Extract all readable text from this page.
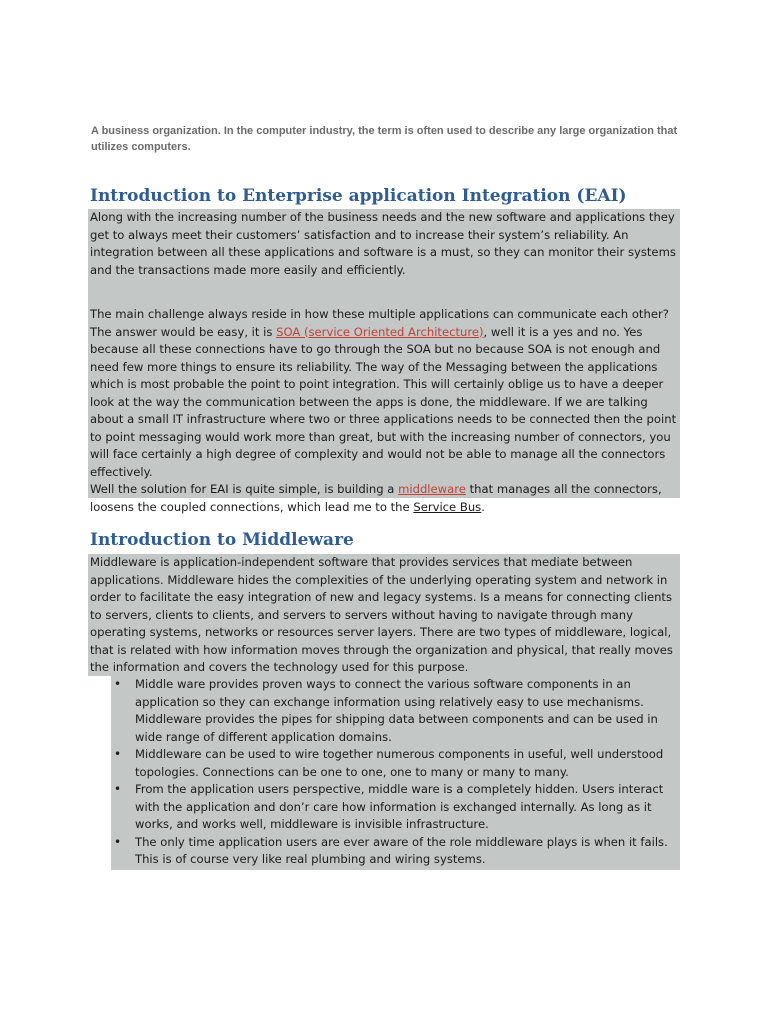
A business organization. In the computer industry, the term is often used to describe any large organization that utilizes computers.
Introduction to Enterprise application Integration (EAI)

Along with the increasing number of the business needs and the new software and applications they get to always meet their customers’ satisfaction and to increase their system’s reliability. An integration between all these applications and software is a must, so they can monitor their systems and the transactions made more easily and efficiently.

The main challenge always reside in how these multiple applications can communicate each other? The answer would be easy, it is SOA (service Oriented Architecture), well it is a yes and no. Yes because all these connections have to go through the SOA but no because SOA is not enough and need few more things to ensure its reliability. The way of the Messaging between the applications which is most probable the point to point integration. This will certainly oblige us to have a deeper look at the way the communication between the apps is done, the middleware. If we are talking about a small IT infrastructure where two or three applications needs to be connected then the point to point messaging would work more than great, but with the increasing number of connectors, you will face certainly a high degree of complexity and would not be able to manage all the connectors effectively.

Well the solution for EAI is quite simple, is building a middleware that manages all the connectors, loosens the coupled connections, which lead me to the Service Bus.

Introduction to Middleware

Middleware is application-independent software that provides services that mediate between applications. Middleware hides the complexities of the underlying operating system and network in order to facilitate the easy integration of new and legacy systems. Is a means for connecting clients to servers, clients to clients, and servers to servers without having to navigate through many operating systems, networks or resources server layers. There are two types of middleware, logical, that is related with how information moves through the organization and physical, that really moves the information and covers the technology used for this purpose.

• Middle ware provides proven ways to connect the various software components in an application so they can exchange information using relatively easy to use mechanisms. Middleware provides the pipes for shipping data between components and can be used in wide range of different application domains.
• Middleware can be used to wire together numerous components in useful, well understood topologies. Connections can be one to one, one to many or many to many.
• From the application users perspective, middle ware is a completely hidden. Users interact with the application and don’r care how information is exchanged internally. As long as it works, and works well, middleware is invisible infrastructure.
• The only time application users are ever aware of the role middleware plays is when it fails. This is of course very like real plumbing and wiring systems.
